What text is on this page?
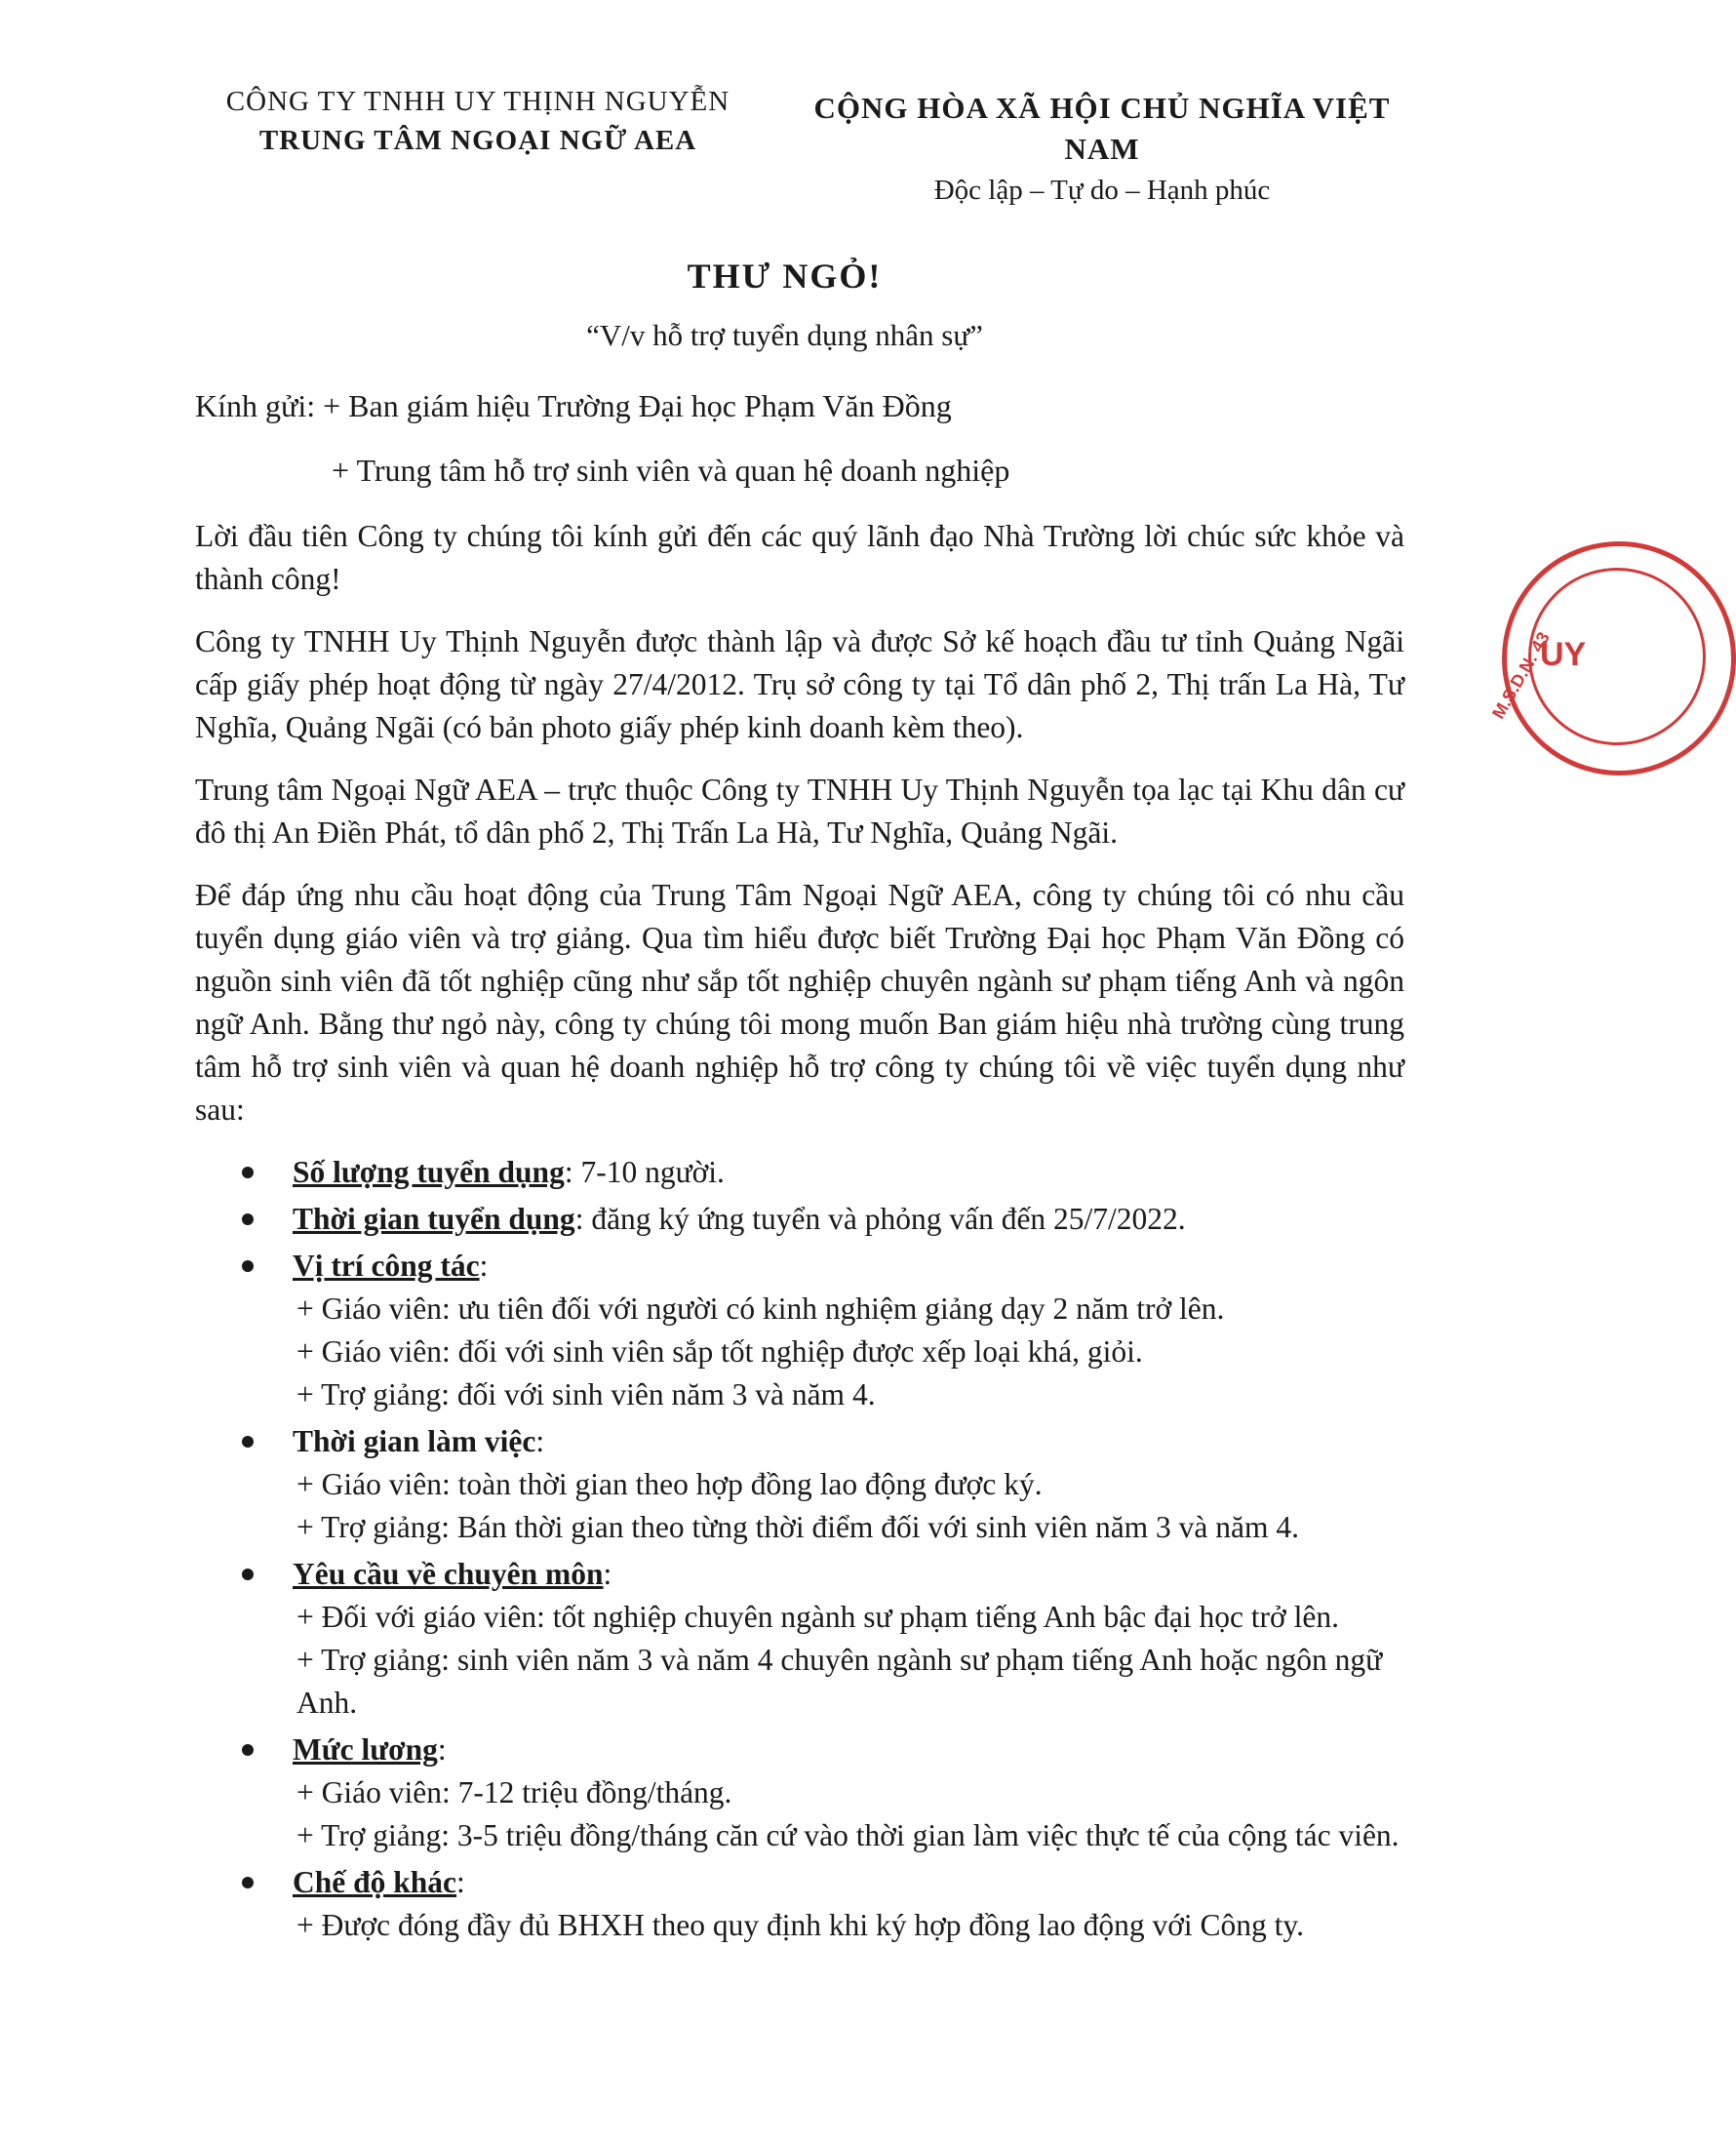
CÔNG TY TNHH UY THỊNH NGUYỄN
TRUNG TÂM NGOẠI NGỮ AEA
CỘNG HÒA XÃ HỘI CHỦ NGHĨA VIỆT NAM
Độc lập – Tự do – Hạnh phúc
THƯ NGỎ!
“V/v hỗ trợ tuyển dụng nhân sự”
Kính gửi: + Ban giám hiệu Trường Đại học Phạm Văn Đồng
+ Trung tâm hỗ trợ sinh viên và quan hệ doanh nghiệp

Lời đầu tiên Công ty chúng tôi kính gửi đến các quý lãnh đạo Nhà Trường lời chúc sức khỏe và thành công!

Công ty TNHH Uy Thịnh Nguyễn được thành lập và được Sở kế hoạch đầu tư tỉnh Quảng Ngãi cấp giấy phép hoạt động từ ngày 27/4/2012. Trụ sở công ty tại Tổ dân phố 2, Thị trấn La Hà, Tư Nghĩa, Quảng Ngãi (có bản photo giấy phép kinh doanh kèm theo).

Trung tâm Ngoại Ngữ AEA – trực thuộc Công ty TNHH Uy Thịnh Nguyễn tọa lạc tại Khu dân cư đô thị An Điền Phát, tổ dân phố 2, Thị Trấn La Hà, Tư Nghĩa, Quảng Ngãi.

Để đáp ứng nhu cầu hoạt động của Trung Tâm Ngoại Ngữ AEA, công ty chúng tôi có nhu cầu tuyển dụng giáo viên và trợ giảng. Qua tìm hiểu được biết Trường Đại học Phạm Văn Đồng có nguồn sinh viên đã tốt nghiệp cũng như sắp tốt nghiệp chuyên ngành sư phạm tiếng Anh và ngôn ngữ Anh. Bằng thư ngỏ này, công ty chúng tôi mong muốn Ban giám hiệu nhà trường cùng trung tâm hỗ trợ sinh viên và quan hệ doanh nghiệp hỗ trợ công ty chúng tôi về việc tuyển dụng như sau:

Số lượng tuyển dụng: 7-10 người.
Thời gian tuyển dụng: đăng ký ứng tuyển và phỏng vấn đến 25/7/2022.
Vị trí công tác:
+ Giáo viên: ưu tiên đối với người có kinh nghiệm giảng dạy 2 năm trở lên.
+ Giáo viên: đối với sinh viên sắp tốt nghiệp được xếp loại khá, giỏi.
+ Trợ giảng: đối với sinh viên năm 3 và năm 4.
Thời gian làm việc:
+ Giáo viên: toàn thời gian theo hợp đồng lao động được ký.
+ Trợ giảng: Bán thời gian theo từng thời điểm đối với sinh viên năm 3 và năm 4.
Yêu cầu về chuyên môn:
+ Đối với giáo viên: tốt nghiệp chuyên ngành sư phạm tiếng Anh bậc đại học trở lên.
+ Trợ giảng: sinh viên năm 3 và năm 4 chuyên ngành sư phạm tiếng Anh hoặc ngôn ngữ Anh.
Mức lương:
+ Giáo viên: 7-12 triệu đồng/tháng.
+ Trợ giảng: 3-5 triệu đồng/tháng căn cứ vào thời gian làm việc thực tế của cộng tác viên.
Chế độ khác:
+ Được đóng đầy đủ BHXH theo quy định khi ký hợp đồng lao động với Công ty.
M.S.D.N: 43
UY
